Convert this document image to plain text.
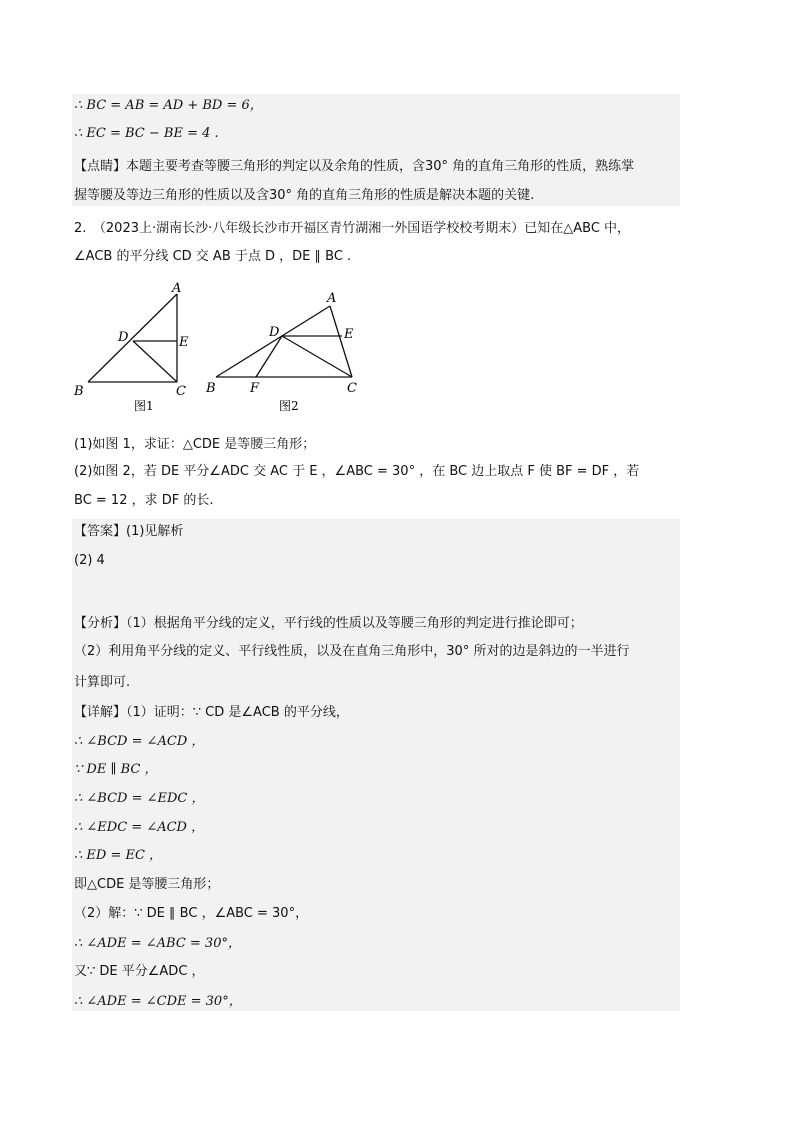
∴ BC = AB = AD + BD = 6，
∴ EC = BC − BE = 4 .
【点睛】本题主要考查等腰三角形的判定以及余角的性质，含30° 角的直角三角形的性质，熟练掌
握等腰及等边三角形的性质以及含30° 角的直角三角形的性质是解决本题的关键.
2.　（2023上·湖南长沙·八年级长沙市开福区青竹湖湘一外国语学校校考期末）已知在△ABC 中，
∠ACB 的平分线 CD 交 AB 于点 D ，DE ∥ BC .
A
D	E
B	C
图1
A
D	E
B	F	C
图2
(1)如图 1，求证：△CDE 是等腰三角形；
(2)如图 2，若 DE 平分∠ADC 交 AC 于 E ，∠ABC = 30° ，在 BC 边上取点 F 使 BF = DF ，若
BC = 12 ，求 DF 的长.
【答案】(1)见解析
(2) 4
【分析】（1）根据角平分线的定义，平行线的性质以及等腰三角形的判定进行推论即可；
（2）利用角平分线的定义、平行线性质，以及在直角三角形中，30° 所对的边是斜边的一半进行
计算即可.
【详解】（1）证明：∵ CD 是∠ACB 的平分线，
∴ ∠BCD = ∠ACD ，
∵ DE ∥ BC ，
∴ ∠BCD = ∠EDC ，
∴ ∠EDC = ∠ACD ，
∴ ED = EC ，
即△CDE 是等腰三角形；
（2）解：∵ DE ∥ BC ，∠ABC = 30°，
∴ ∠ADE = ∠ABC = 30°，
又∵ DE 平分∠ADC ，
∴ ∠ADE = ∠CDE = 30°，
